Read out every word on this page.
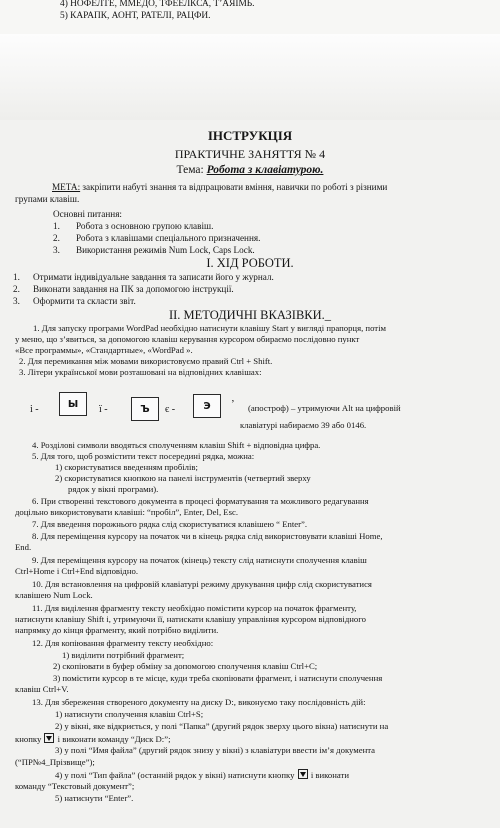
4) НОФЕЛТЕ, ММЕДО, ТФЕЕЛКСА, Т’АЯІМЬ.
5) КАРАПК, АОНТ, РАТЕЛІ, РАЦФИ.
ІНСТРУКЦІЯ
ПРАКТИЧНЕ ЗАНЯТТЯ № 4
Тема: Робота з клавіатурою.
МЕТА: закріпити набуті знання та відпрацювати вміння, навички по роботі з різними
групами клавіш.
Основні питання:
1. Робота з основною групою клавіш.
2. Робота з клавішами спеціального призначення.
3. Використання режимів Num Lock, Caps Lock.
I. ХІД РОБОТИ.
1. Отримати індивідуальне завдання та записати його у журнал.
2. Виконати завдання на ПК за допомогою інструкції.
3. Оформити та скласти звіт.
II. МЕТОДИЧНІ ВКАЗІВКИ._
1. Для запуску програми WordPad необхідно натиснути клавішу Start у вигляді прапорця, потім
у меню, що з’явиться, за допомогою клавіш керування курсором обираємо послідовно пункт
«Все программы», «Стандартные», «WordPad ».
2. Для перемикання між мовами використовуємо правий Ctrl + Shift.
3. Літери української мови розташовані на відповідних клавішах:
і -	Ы	ї -	Ъ	є -	Э	’ (апостроф) – утримуючи Alt на цифровій
клавіатурі набираємо 39 або 0146.
4. Розділові символи вводяться сполученням клавіш Shift + відповідна цифра.
5. Для того, щоб розмістити текст посередині рядка, можна:
1) скористуватися введенням пробілів;
2) скористуватися кнопкою на панелі інструментів (четвертий зверху
рядок у вікні програми).
6. При створенні текстового документа в процесі форматування та можливого редагування
доцільно використовувати клавіші: “пробіл”, Enter, Del, Esc.
7. Для введення порожнього рядка слід скористуватися клавішею “ Enter”.
8. Для переміщення курсору на початок чи в кінець рядка слід використовувати клавіші Home,
End.
9. Для переміщення курсору на початок (кінець) тексту слід натиснути сполучення клавіш
Ctrl+Home і Ctrl+End відповідно.
10. Для встановлення на цифровій клавіатурі режиму друкування цифр слід скористуватися
клавішею Num Lock.
11. Для виділення фрагменту тексту необхідно помістити курсор на початок фрагменту,
натиснути клавішу Shift і, утримуючи її, натискати клавішу управління курсором відповідного
напрямку до кінця фрагменту, який потрібно виділити.
12. Для копіювання фрагменту тексту необхідно:
1) виділити потрібний фрагмент;
2) скопіювати в буфер обміну за допомогою сполучення клавіш Ctrl+C;
3) помістити курсор в те місце, куди треба скопіювати фрагмент, і натиснути сполучення
клавіш Ctrl+V.
13. Для збереження створеного документу на диску D:, виконуємо таку послідовність дій:
1) натиснути сполучення клавіш Ctrl+S;
2) у вікні, яке відкриється, у полі “Папка” (другий рядок зверху цього вікна) натиснути на
кнопку і виконати команду “Диск D:”;
3) у полі “Имя файла” (другий рядок знизу у вікні) з клавіатури ввести ім’я документа
(“ПР№4_Прізвище”);
4) у полі “Тип файла” (останній рядок у вікні) натиснути кнопку і виконати
команду “Текстовый документ”;
5) натиснути “Enter”.
